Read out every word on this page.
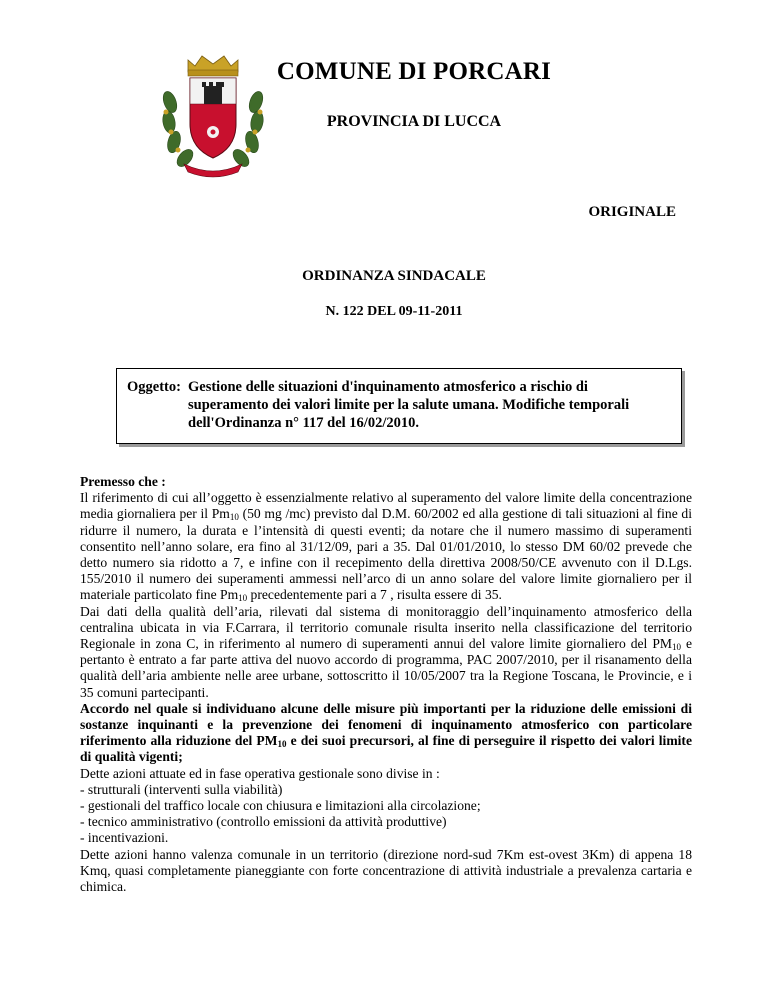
COMUNE DI PORCARI
PROVINCIA DI LUCCA
ORIGINALE
ORDINANZA SINDACALE
N. 122 DEL 09-11-2011
Oggetto: Gestione delle situazioni d'inquinamento atmosferico a rischio di superamento dei valori limite per la salute umana. Modifiche temporali dell'Ordinanza n° 117 del 16/02/2010.

Premesso che :

Il riferimento di cui all’oggetto è essenzialmente relativo al superamento del valore limite della concentrazione media giornaliera per il $Pm_{10}$ (50 mg /mc) previsto dal D.M. 60/2002 ed alla gestione di tali situazioni al fine di ridurre il numero, la durata e l’intensità di questi eventi; da notare che il numero massimo di superamenti consentito nell’anno solare, era fino al 31/12/09, pari a 35. Dal 01/01/2010, lo stesso DM 60/02 prevede che detto numero sia ridotto a 7, e infine con il recepimento della direttiva 2008/50/CE avvenuto con il D.Lgs. 155/2010 il numero dei superamenti ammessi nell’arco di un anno solare del valore limite giornaliero per il materiale particolato fine $Pm_{10}$ precedentemente pari a 7 , risulta essere di 35.

Dai dati della qualità dell’aria, rilevati dal sistema di monitoraggio dell’inquinamento atmosferico della centralina ubicata in via F.Carrara, il territorio comunale risulta inserito nella classificazione del territorio Regionale in zona C, in riferimento al numero di superamenti annui del valore limite giornaliero del $PM_{10}$ e pertanto è entrato a far parte attiva del nuovo accordo di programma, PAC 2007/2010, per il risanamento della qualità dell’aria ambiente nelle aree urbane, sottoscritto il 10/05/2007 tra la Regione Toscana, le Provincie, e i 35 comuni partecipanti.

Accordo nel quale si individuano alcune delle misure più importanti per la riduzione delle emissioni di sostanze inquinanti e la prevenzione dei fenomeni di inquinamento atmosferico con particolare riferimento alla riduzione del $PM_{10}$ e dei suoi precursori, al fine di perseguire il rispetto dei valori limite di qualità vigenti;

Dette azioni attuate ed in fase operativa gestionale sono divise in :

- strutturali (interventi sulla viabilità)

- gestionali del traffico locale con chiusura e limitazioni alla circolazione;

- tecnico amministrativo (controllo emissioni da attività produttive)

- incentivazioni.

Dette azioni hanno valenza comunale in un territorio (direzione nord-sud 7Km est-ovest 3Km) di appena 18 Kmq, quasi completamente pianeggiante con forte concentrazione di attività industriale a prevalenza cartaria e chimica.
